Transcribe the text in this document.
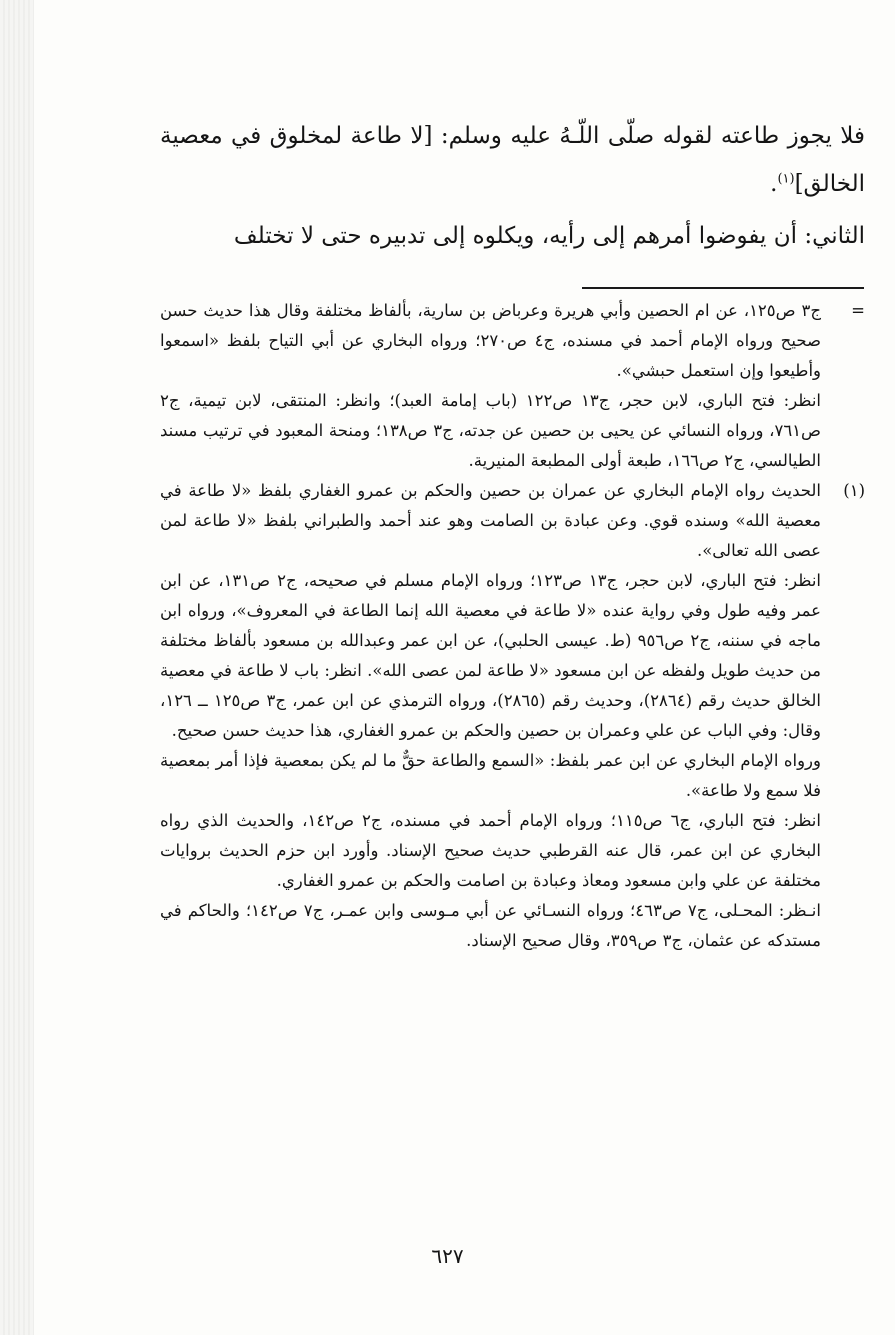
فلا يجوز طاعته لقوله صلّى اللّـهُ عليه وسلم: [لا طاعة لمخلوق في معصية الخالق]$^{(١)}$.

الثاني: أن يفوضوا أمرهم إلى رأيه، ويكلوه إلى تدبيره حتى لا تختلف

=

ج٣ ص١٢٥، عن ام الحصين وأبي هريرة وعرباض بن سارية، بألفاظ مختلفة وقال هذا حديث حسن صحيح ورواه الإمام أحمد في مسنده، ج٤ ص٢٧٠؛ ورواه البخاري عن أبي التياح بلفظ «اسمعوا وأطيعوا وإن استعمل حبشي».

انظر: فتح الباري، لابن حجر، ج١٣ ص١٢٢ (باب إمامة العبد)؛ وانظر: المنتقى، لابن تيمية، ج٢ ص٧٦١، ورواه النسائي عن يحيى بن حصين عن جدته، ج٣ ص١٣٨؛ ومنحة المعبود في ترتيب مسند الطيالسي، ج٢ ص١٦٦، طبعة أولى المطبعة المنيرية.

(١)

الحديث رواه الإمام البخاري عن عمران بن حصين والحكم بن عمرو الغفاري بلفظ «لا طاعة في معصية الله» وسنده قوي. وعن عبادة بن الصامت وهو عند أحمد والطبراني بلفظ «لا طاعة لمن عصى الله تعالى».

انظر: فتح الباري، لابن حجر، ج١٣ ص١٢٣؛ ورواه الإمام مسلم في صحيحه، ج٢ ص١٣١، عن ابن عمر وفيه طول وفي رواية عنده «لا طاعة في معصية الله إنما الطاعة في المعروف»، ورواه ابن ماجه في سننه، ج٢ ص٩٥٦ (ط. عيسى الحلبي)، عن ابن عمر وعبدالله بن مسعود بألفاظ مختلفة من حديث طويل ولفظه عن ابن مسعود «لا طاعة لمن عصى الله». انظر: باب لا طاعة في معصية الخالق حديث رقم (٢٨٦٤)، وحديث رقم (٢٨٦٥)، ورواه الترمذي عن ابن عمر، ج٣ ص١٢٥ ــ ١٢٦، وقال: وفي الباب عن علي وعمران بن حصين والحكم بن عمرو الغفاري، هذا حديث حسن صحيح.

ورواه الإمام البخاري عن ابن عمر بلفظ: «السمع والطاعة حقٌّ ما لم يكن بمعصية فإذا أمر بمعصية فلا سمع ولا طاعة».

انظر: فتح الباري، ج٦ ص١١٥؛ ورواه الإمام أحمد في مسنده، ج٢ ص١٤٢، والحديث الذي رواه البخاري عن ابن عمر، قال عنه القرطبي حديث صحيح الإسناد. وأورد ابن حزم الحديث بروايات مختلفة عن علي وابن مسعود ومعاذ وعبادة بن اصامت والحكم بن عمرو الغفاري.

انـظر: المحـلى، ج٧ ص٤٦٣؛ ورواه النسـائي عن أبي مـوسى وابن عمـر، ج٧ ص١٤٢؛ والحاكم في مستدكه عن عثمان، ج٣ ص٣٥٩، وقال صحيح الإسناد.

٦٢٧
